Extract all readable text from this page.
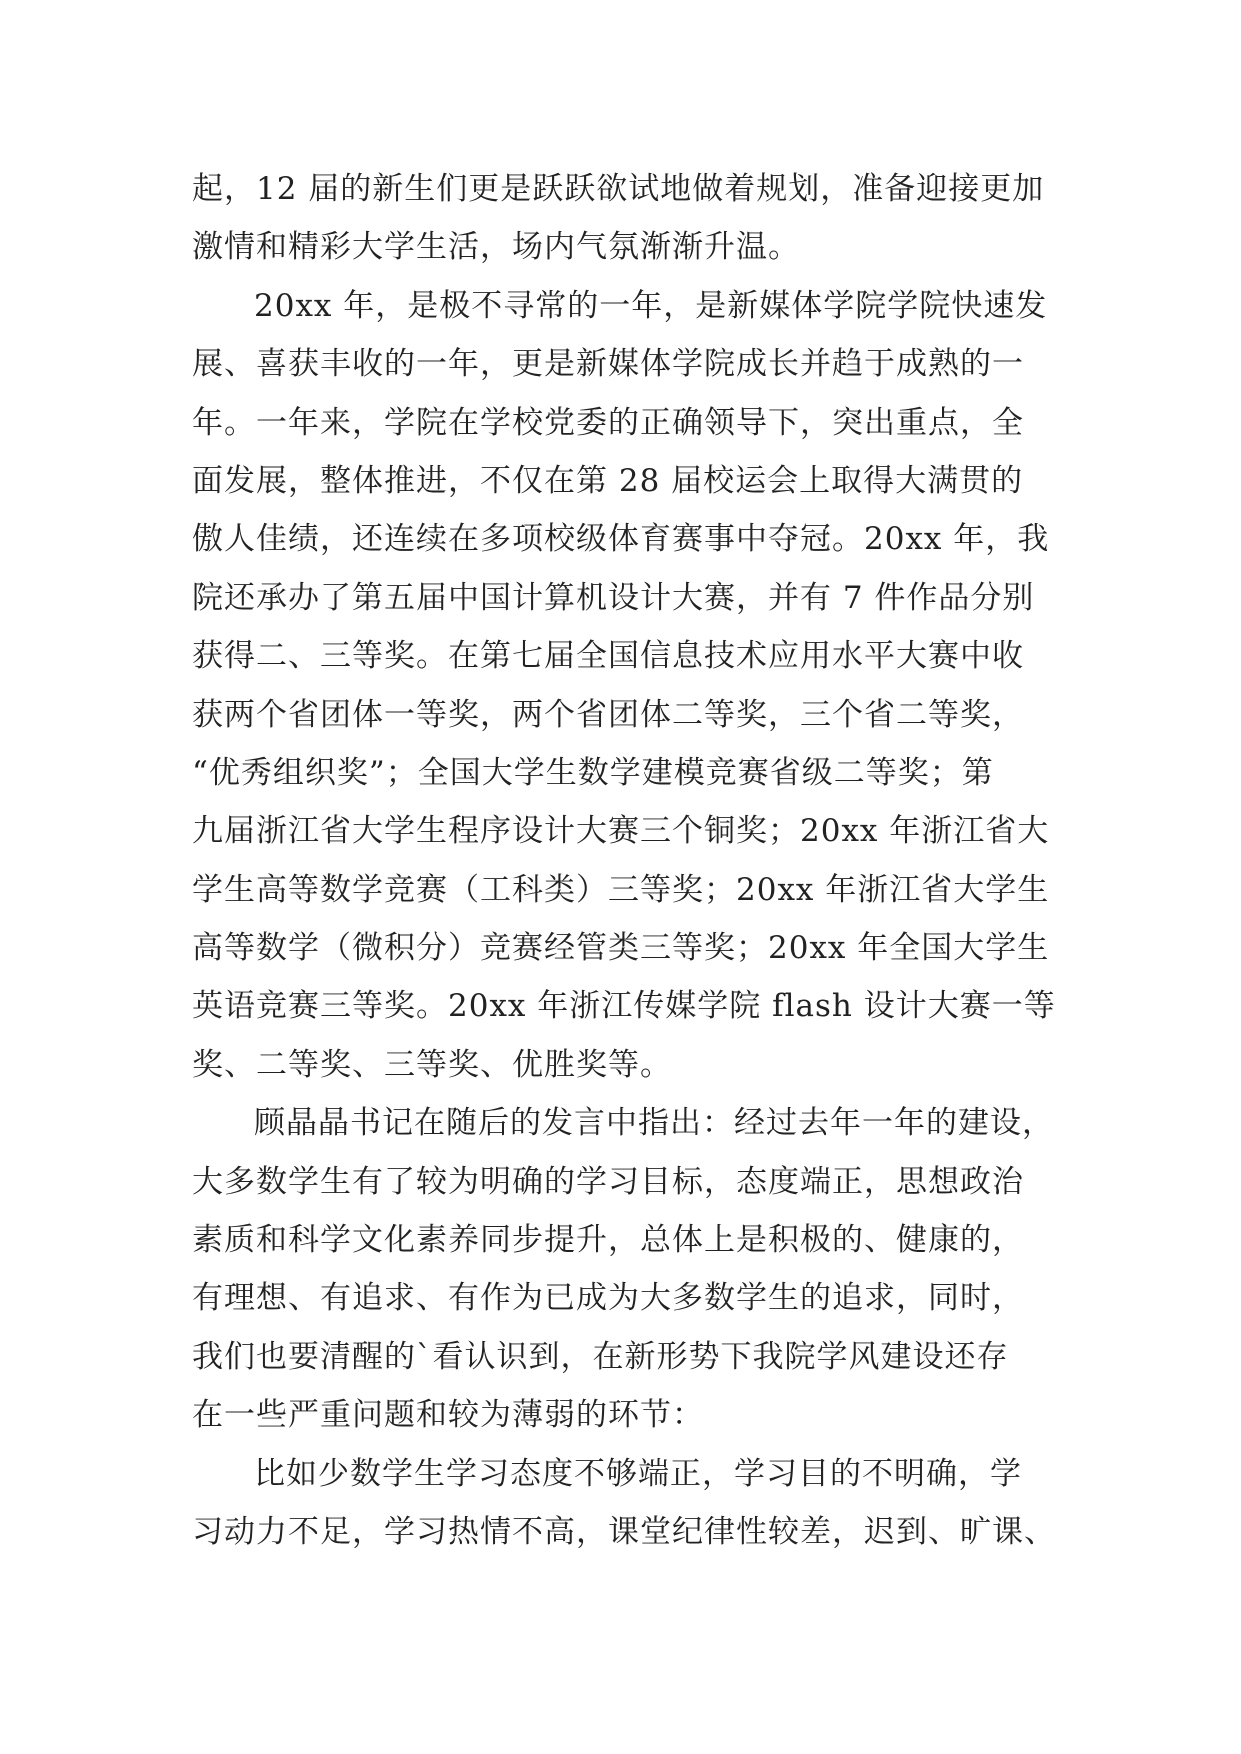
起，12 届的新生们更是跃跃欲试地做着规划，准备迎接更加
激情和精彩大学生活，场内气氛渐渐升温。
20xx 年，是极不寻常的一年，是新媒体学院学院快速发
展、喜获丰收的一年，更是新媒体学院成长并趋于成熟的一
年。一年来，学院在学校党委的正确领导下，突出重点，全
面发展，整体推进，不仅在第 28 届校运会上取得大满贯的
傲人佳绩，还连续在多项校级体育赛事中夺冠。20xx 年，我
院还承办了第五届中国计算机设计大赛，并有 7 件作品分别
获得二、三等奖。在第七届全国信息技术应用水平大赛中收
获两个省团体一等奖，两个省团体二等奖，三个省二等奖，
“优秀组织奖”；全国大学生数学建模竞赛省级二等奖；第
九届浙江省大学生程序设计大赛三个铜奖；20xx 年浙江省大
学生高等数学竞赛（工科类）三等奖；20xx 年浙江省大学生
高等数学（微积分）竞赛经管类三等奖；20xx 年全国大学生
英语竞赛三等奖。20xx 年浙江传媒学院 flash 设计大赛一等
奖、二等奖、三等奖、优胜奖等。
顾晶晶书记在随后的发言中指出：经过去年一年的建设，
大多数学生有了较为明确的学习目标，态度端正，思想政治
素质和科学文化素养同步提升，总体上是积极的、健康的，
有理想、有追求、有作为已成为大多数学生的追求，同时，
我们也要清醒的`看认识到，在新形势下我院学风建设还存
在一些严重问题和较为薄弱的环节：
比如少数学生学习态度不够端正，学习目的不明确，学
习动力不足，学习热情不高，课堂纪律性较差，迟到、旷课、
